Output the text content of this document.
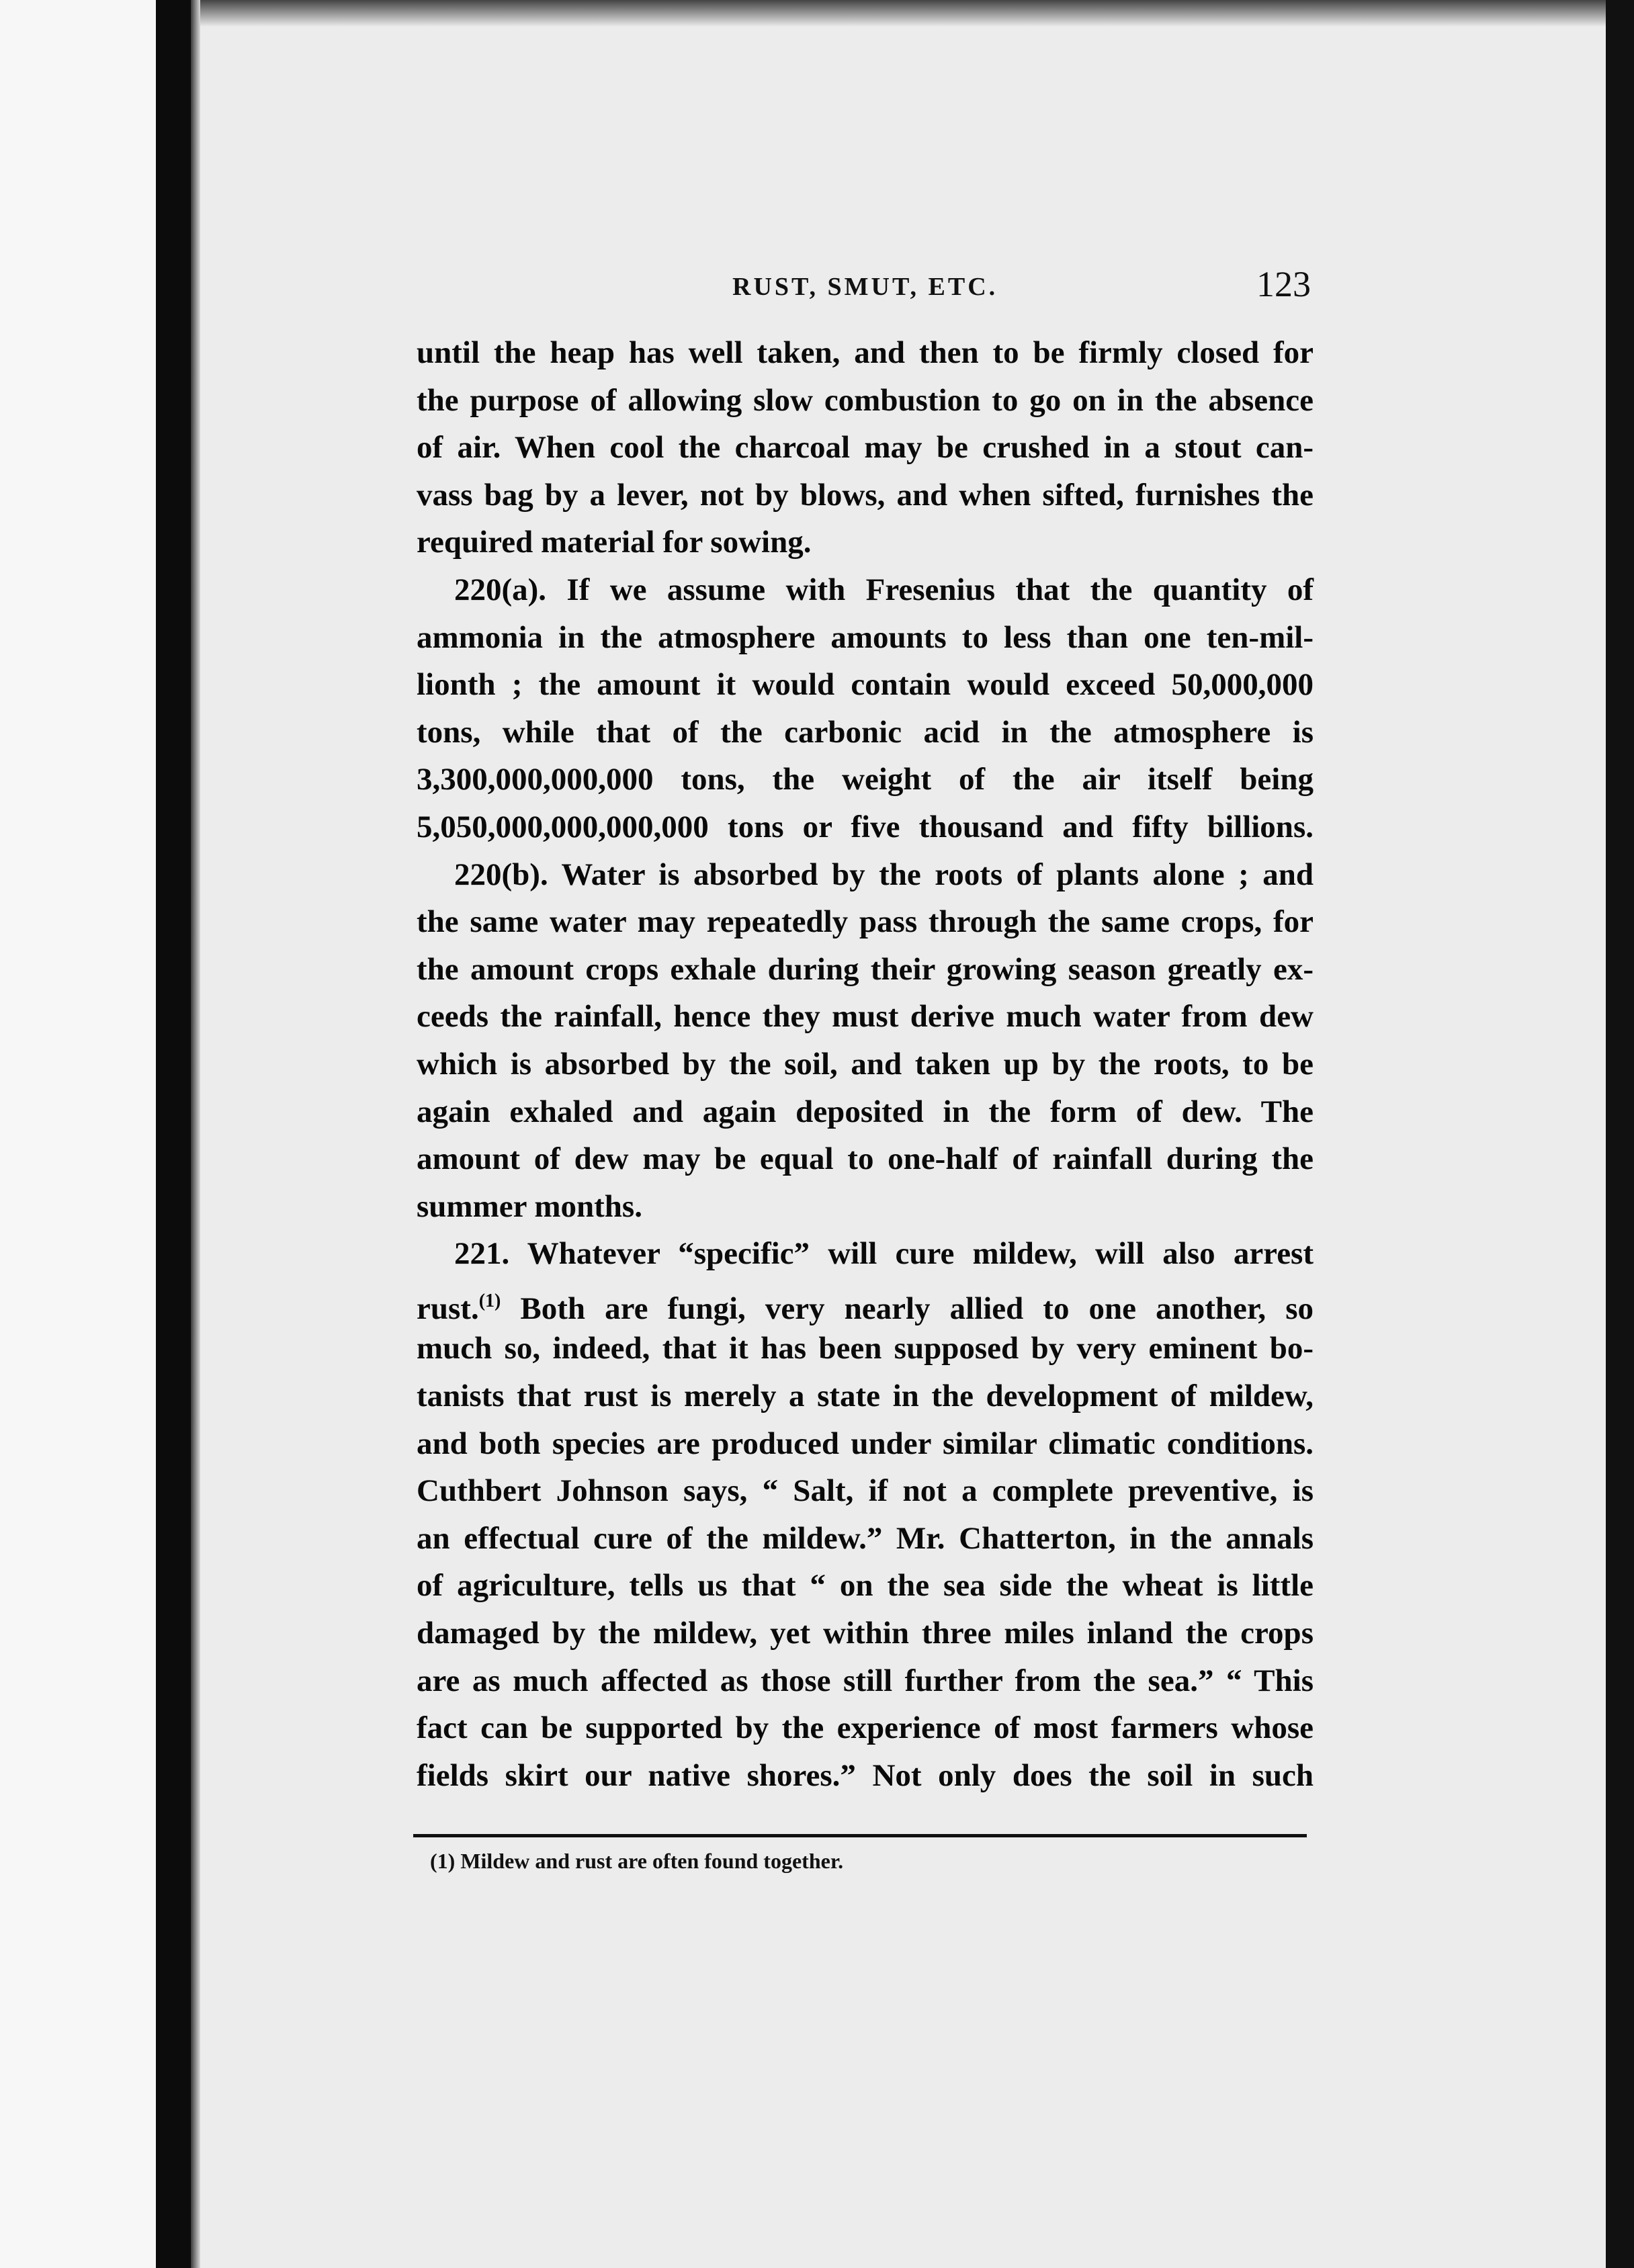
RUST, SMUT, ETC.	123
until the heap has well taken, and then to be firmly closed for
the purpose of allowing slow combustion to go on in the absence
of air. When cool the charcoal may be crushed in a stout can-
vass bag by a lever, not by blows, and when sifted, furnishes the
required material for sowing.
220(a). If we assume with Fresenius that the quantity of
ammonia in the atmosphere amounts to less than one ten-mil-
lionth ; the amount it would contain would exceed 50,000,000
tons, while that of the carbonic acid in the atmosphere is
3,300,000,000,000 tons, the weight of the air itself being
5,050,000,000,000,000 tons or five thousand and fifty billions.
220(b). Water is absorbed by the roots of plants alone ; and
the same water may repeatedly pass through the same crops, for
the amount crops exhale during their growing season greatly ex-
ceeds the rainfall, hence they must derive much water from dew
which is absorbed by the soil, and taken up by the roots, to be
again exhaled and again deposited in the form of dew. The
amount of dew may be equal to one-half of rainfall during the
summer months.
221. Whatever “specific” will cure mildew, will also arrest
rust.$^{(1)}$ Both are fungi, very nearly allied to one another, so
much so, indeed, that it has been supposed by very eminent bo-
tanists that rust is merely a state in the development of mildew,
and both species are produced under similar climatic conditions.
Cuthbert Johnson says, “ Salt, if not a complete preventive, is
an effectual cure of the mildew.” Mr. Chatterton, in the annals
of agriculture, tells us that “ on the sea side the wheat is little
damaged by the mildew, yet within three miles inland the crops
are as much affected as those still further from the sea.” “ This
fact can be supported by the experience of most farmers whose
fields skirt our native shores.” Not only does the soil in such
(1) Mildew and rust are often found together.
